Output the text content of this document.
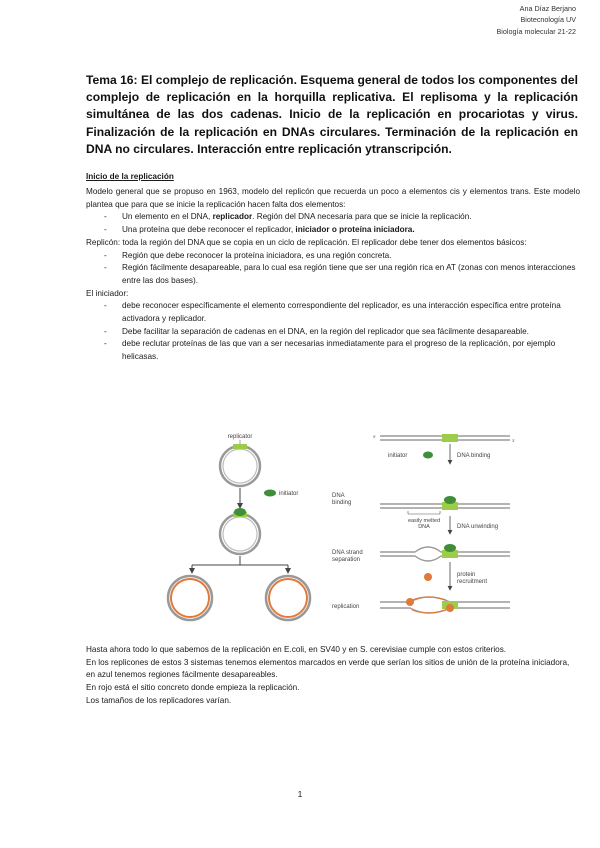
Ana Díaz Berjano
Biotecnología UV
Biología molecular 21-22
Tema 16: El complejo de replicación. Esquema general de todos los componentes del complejo de replicación en la horquilla replicativa. El replisoma y la replicación simultánea de las dos cadenas. Inicio de la replicación en procariotas y virus. Finalización de la replicación en DNAs circulares. Terminación de la replicación en DNA no circulares. Interacción entre replicación ytranscripción.
Inicio de la replicación

Modelo general que se propuso en 1963, modelo del replicón que recuerda un poco a elementos cis y elementos trans. Este modelo plantea que para que se inicie la replicación hacen falta dos elementos:

- Un elemento en el DNA, replicador. Región del DNA necesaria para que se inicie la replicación.
- Una proteína que debe reconocer el replicador, iniciador o proteína iniciadora.

Replicón: toda la región del DNA que se copia en un ciclo de replicación. El replicador debe tener dos elementos básicos:

- Región que debe reconocer la proteína iniciadora, es una región concreta.
- Región fácilmente desapareable, para lo cual esa región tiene que ser una región rica en AT (zonas con menos interacciones entre las dos bases).

El iniciador:

- debe reconocer específicamente el elemento correspondiente del replicador, es una interacción específica entre proteína activadora y replicador.
- Debe facilitar la separación de cadenas en el DNA, en la región del replicador que sea fácilmente desapareable.
- debe reclutar proteínas de las que van a ser necesarias inmediatamente para el progreso de la replicación, por ejemplo helicasas.
replicator
initiator
5'
3'
initiator	DNA binding
DNA binding
easily melted DNA	DNA unwinding
DNA strand separation
protein recruitment
replication

Hasta ahora todo lo que sabemos de la replicación en E.coli, en SV40 y en S. cerevisiae cumple con estos criterios.

En los replicones de estos 3 sistemas tenemos elementos marcados en verde que serían los sitios de unión de la proteína iniciadora, en azul tenemos regiones fácilmente desapareables.

En rojo está el sitio concreto donde empieza la replicación.

Los tamaños de los replicadores varían.

1
